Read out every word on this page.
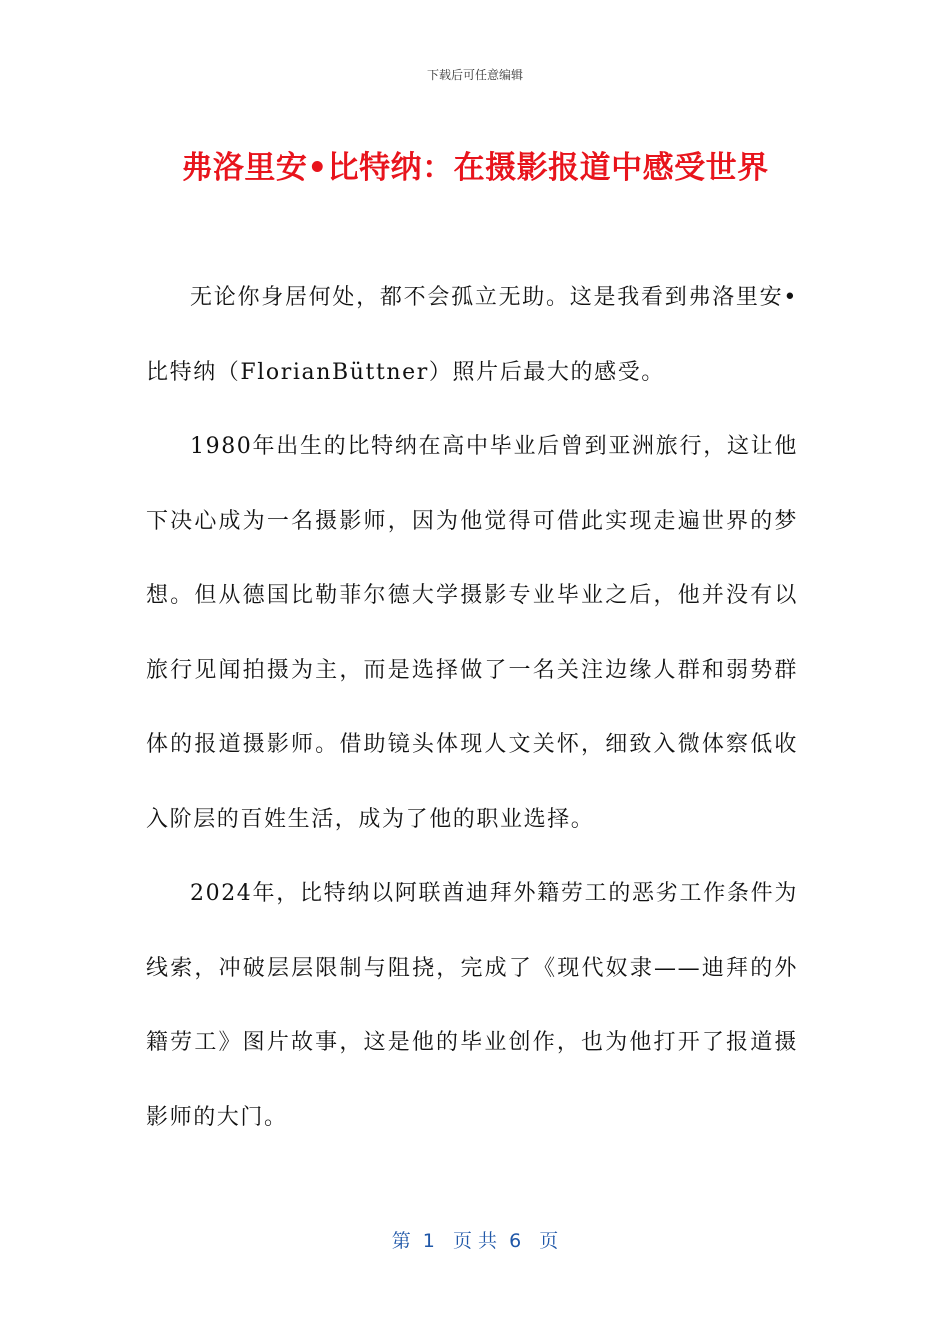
下载后可任意编辑
弗洛里安•比特纳：在摄影报道中感受世界

无论你身居何处，都不会孤立无助。这是我看到弗洛里安•比特纳（FlorianBüttner）照片后最大的感受。

1980年出生的比特纳在高中毕业后曾到亚洲旅行，这让他下决心成为一名摄影师，因为他觉得可借此实现走遍世界的梦想。但从德国比勒菲尔德大学摄影专业毕业之后，他并没有以旅行见闻拍摄为主，而是选择做了一名关注边缘人群和弱势群体的报道摄影师。借助镜头体现人文关怀，细致入微体察低收入阶层的百姓生活，成为了他的职业选择。

2024年，比特纳以阿联酋迪拜外籍劳工的恶劣工作条件为线索，冲破层层限制与阻挠，完成了《现代奴隶——迪拜的外籍劳工》图片故事，这是他的毕业创作，也为他打开了报道摄影师的大门。

第  1   页 共  6   页
